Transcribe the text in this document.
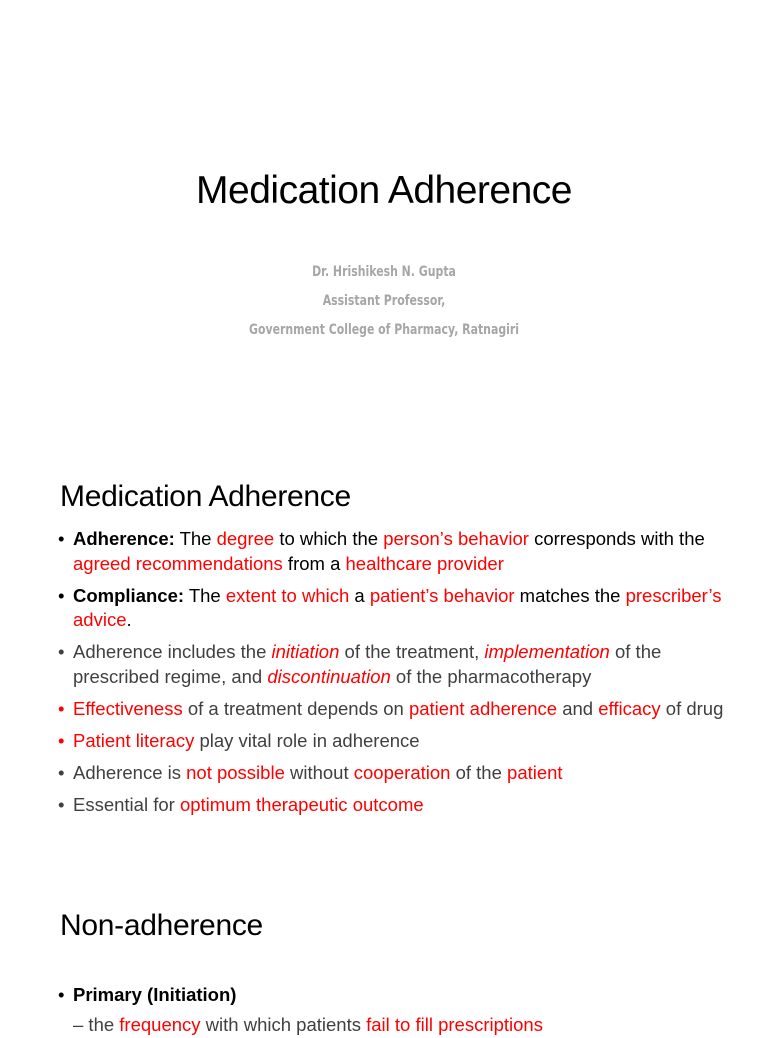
Medication Adherence
Dr. Hrishikesh N. Gupta
Assistant Professor,
Government College of Pharmacy, Ratnagiri
Medication Adherence
• Adherence: The degree to which the person’s behavior corresponds with the agreed recommendations from a healthcare provider
• Compliance: The extent to which a patient’s behavior matches the prescriber’s advice.
• Adherence includes the initiation of the treatment, implementation of the prescribed regime, and discontinuation of the pharmacotherapy
• Effectiveness of a treatment depends on patient adherence and efficacy of drug
• Patient literacy play vital role in adherence
• Adherence is not possible without cooperation of the patient
• Essential for optimum therapeutic outcome
Non-adherence
• Primary (Initiation)
– the frequency with which patients fail to fill prescriptions
